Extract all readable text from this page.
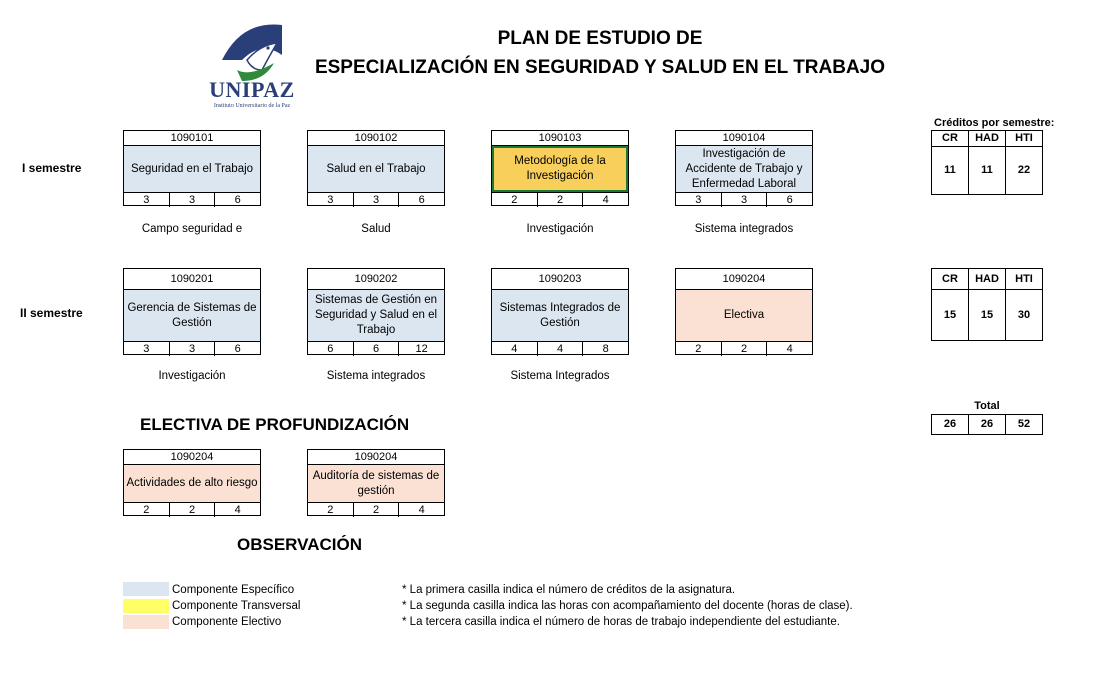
UNIPAZ
Instituto Universitario de la Paz
PLAN DE ESTUDIO DE
ESPECIALIZACIÓN EN SEGURIDAD Y SALUD EN EL TRABAJO
I semestre
1090101
Seguridad en el Trabajo
3	3	6
1090102
Salud en el Trabajo
3	3	6
1090103
Metodología de la Investigación
2	2	4
1090104
Investigación de Accidente de Trabajo y Enfermedad Laboral
3	3	6
Campo seguridad e	Salud	Investigación	Sistema integrados
Créditos por semestre:
CR	HAD	HTI
11	11	22
II semestre
1090201
Gerencia de Sistemas de Gestión
3	3	6
1090202
Sistemas de Gestión en Seguridad y Salud en el Trabajo
6	6	12
1090203
Sistemas Integrados de Gestión
4	4	8
1090204
Electiva
2	2	4
Investigación	Sistema integrados	Sistema Integrados
CR	HAD	HTI
15	15	30
Total
26	26	52
ELECTIVA DE PROFUNDIZACIÓN
1090204
Actividades de alto riesgo
2	2	4
1090204
Auditoría de sistemas de gestión
2	2	4
OBSERVACIÓN
Componente Específico
Componente Transversal
Componente Electivo
* La primera casilla indica el número de créditos de la asignatura.
* La segunda casilla indica las horas con acompañamiento del docente (horas de clase).
* La tercera casilla indica el número de horas de trabajo independiente del estudiante.
